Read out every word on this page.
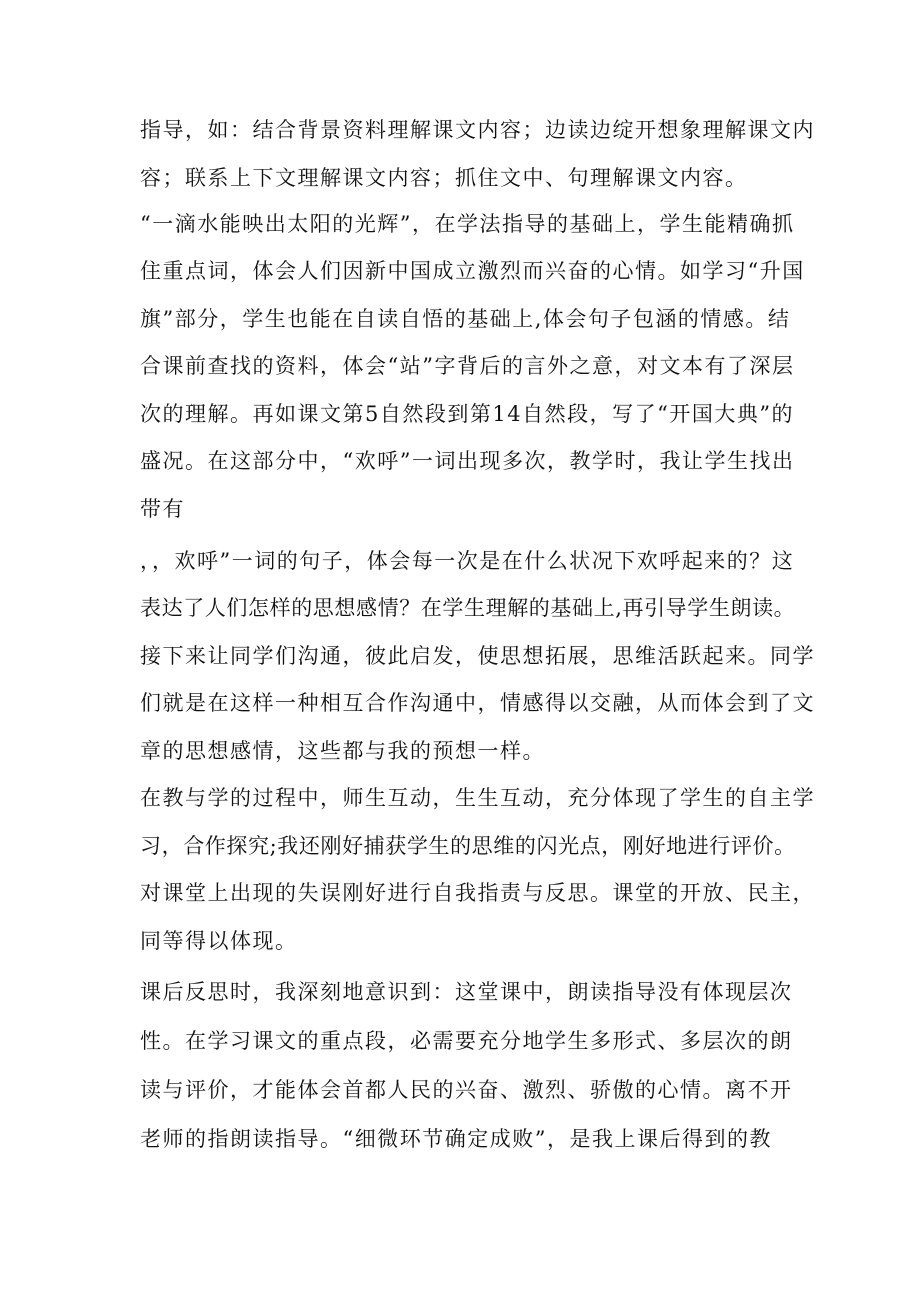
指导，如：结合背景资料理解课文内容；边读边绽开想象理解课文内
容；联系上下文理解课文内容；抓住文中、句理解课文内容。
“一滴水能映出太阳的光辉”，在学法指导的基础上，学生能精确抓
住重点词，体会人们因新中国成立激烈而兴奋的心情。如学习“升国
旗”部分，学生也能在自读自悟的基础上,体会句子包涵的情感。结
合课前查找的资料，体会“站”字背后的言外之意，对文本有了深层
次的理解。再如课文第5自然段到第14自然段，写了“开国大典”的
盛况。在这部分中，“欢呼”一词出现多次，教学时，我让学生找出
带有
，，欢呼”一词的句子，体会每一次是在什么状况下欢呼起来的？这
表达了人们怎样的思想感情？在学生理解的基础上,再引导学生朗读。
接下来让同学们沟通，彼此启发，使思想拓展，思维活跃起来。同学
们就是在这样一种相互合作沟通中，情感得以交融，从而体会到了文
章的思想感情，这些都与我的预想一样。
在教与学的过程中，师生互动，生生互动，充分体现了学生的自主学
习，合作探究;我还刚好捕获学生的思维的闪光点，刚好地进行评价。
对课堂上出现的失误刚好进行自我指责与反思。课堂的开放、民主，
同等得以体现。
课后反思时，我深刻地意识到：这堂课中，朗读指导没有体现层次
性。在学习课文的重点段，必需要充分地学生多形式、多层次的朗
读与评价，才能体会首都人民的兴奋、激烈、骄傲的心情。离不开
老师的指朗读指导。“细微环节确定成败”，是我上课后得到的教
